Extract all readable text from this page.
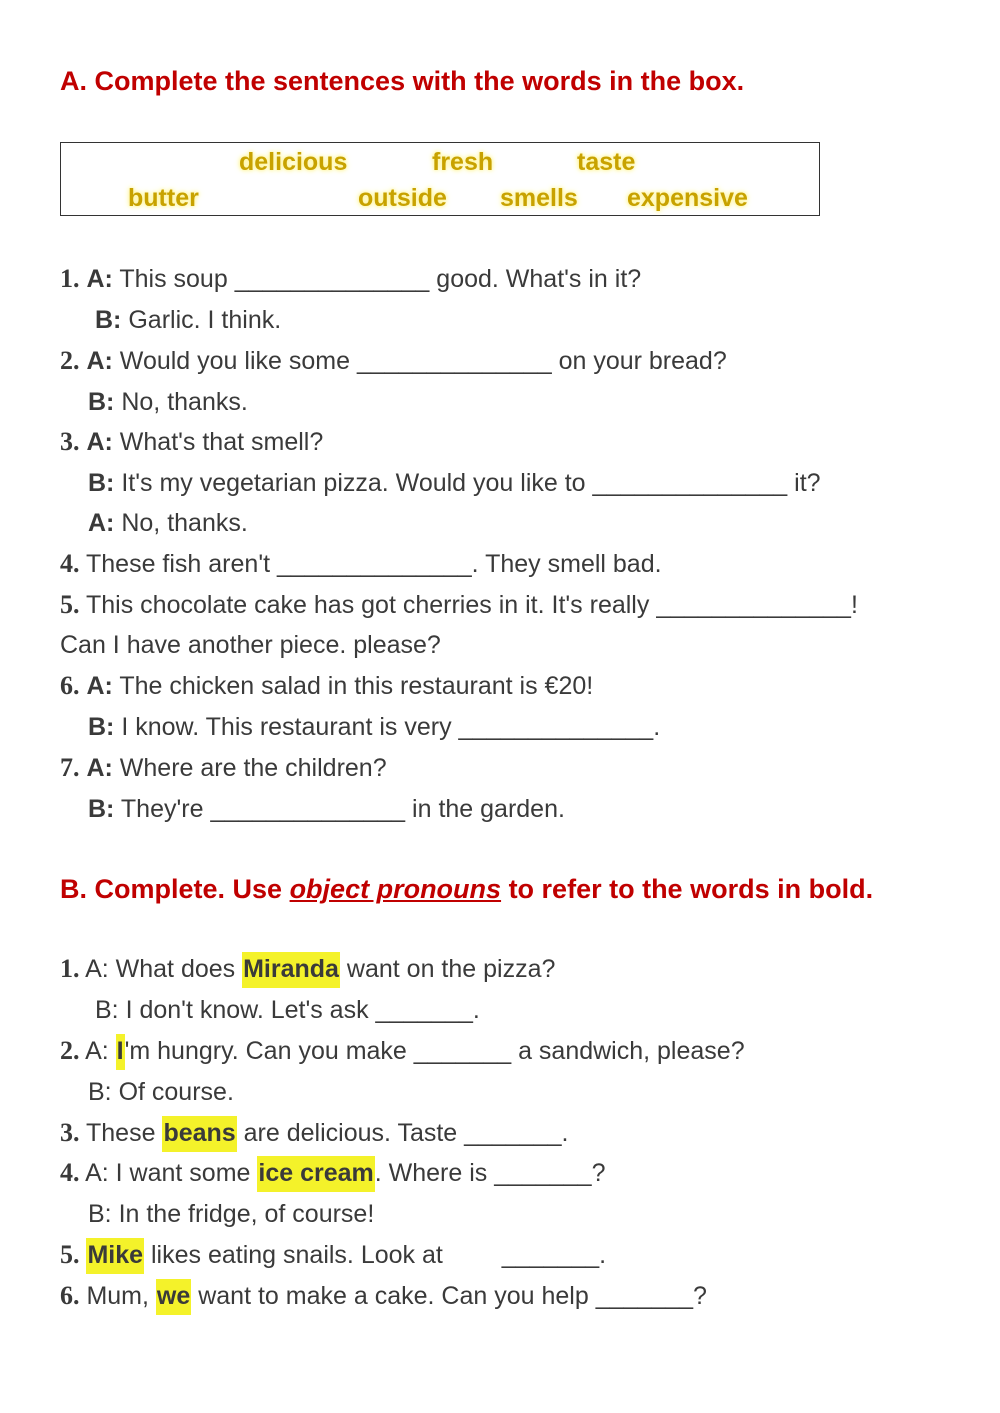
A. Complete the sentences with the words in the box.
delicious	fresh	taste
butter	outside smells expensive
1. A: This soup ______________ good. What's in it?
B: Garlic. I think.
2. A: Would you like some ______________ on your bread?
B: No, thanks.
3. A: What's that smell?
B: It's my vegetarian pizza. Would you like to ______________ it?
A: No, thanks.
4. These fish aren't ______________. They smell bad.
5. This chocolate cake has got cherries in it. It's really ______________!
Can I have another piece. please?
6. A: The chicken salad in this restaurant is €20!
B: I know. This restaurant is very ______________.
7. A: Where are the children?
B: They're ______________ in the garden.
B. Complete. Use object pronouns to refer to the words in bold.
1. A: What does Miranda want on the pizza?
B: I don't know. Let's ask _______.
2. A: I'm hungry. Can you make _______ a sandwich, please?
B: Of course.
3. These beans are delicious. Taste _______.
4. A: I want some ice cream. Where is _______?
B: In the fridge, of course!
5. Mike likes eating snails. Look at _______.
6. Mum, we want to make a cake. Can you help _______?
